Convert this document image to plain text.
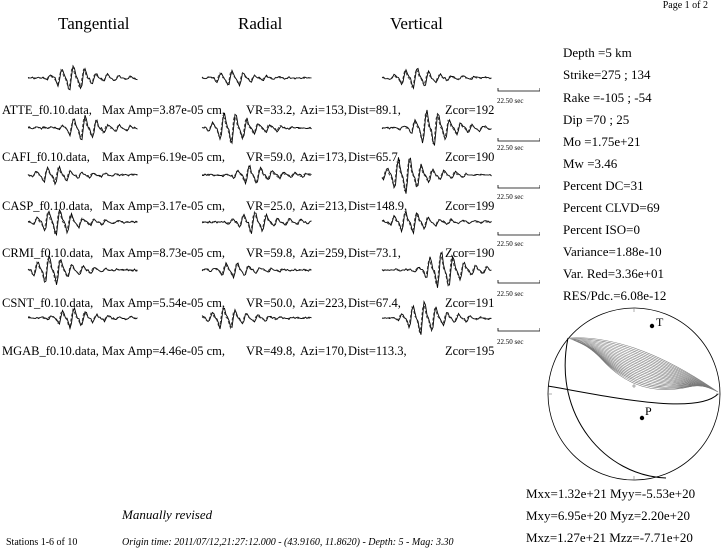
Page 1 of 2
Tangential	Radial	Vertical
ATTE_f0.10.data, Max Amp=3.87e-05 cm, VR=33.2, Azi=153, Dist=89.1,	Zcor=192
22.50 sec
CAFI_f0.10.data, Max Amp=6.19e-05 cm, VR=59.0, Azi=173, Dist=65.7,	Zcor=190
22.50 sec
CASP_f0.10.data, Max Amp=3.17e-05 cm, VR=25.0, Azi=213, Dist=148.9,	Zcor=199
22.50 sec
CRMI_f0.10.data, Max Amp=8.73e-05 cm, VR=59.8, Azi=259, Dist=73.1,	Zcor=190
22.50 sec
CSNT_f0.10.data, Max Amp=5.54e-05 cm, VR=50.0, Azi=223, Dist=67.4,	Zcor=191
22.50 sec
MGAB_f0.10.data, Max Amp=4.46e-05 cm, VR=49.8, Azi=170, Dist=113.3,	Zcor=195
22.50 sec
Depth =5 km
Strike=275 ; 134
Rake =-105 ; -54
Dip =70 ; 25
Mo =1.75e+21
Mw =3.46
Percent DC=31
Percent CLVD=69
Percent ISO=0
Variance=1.88e-10
Var. Red=3.36e+01
RES/Pdc.=6.08e-12
T
P
Mxx=1.32e+21 Myy=-5.53e+20
Mxy=6.95e+20 Myz=2.20e+20
Mxz=1.27e+21 Mzz=-7.71e+20
Manually revised
Stations 1-6 of 10	Origin time: 2011/07/12,21:27:12.000 - (43.9160, 11.8620) - Depth: 5 - Mag: 3.30
